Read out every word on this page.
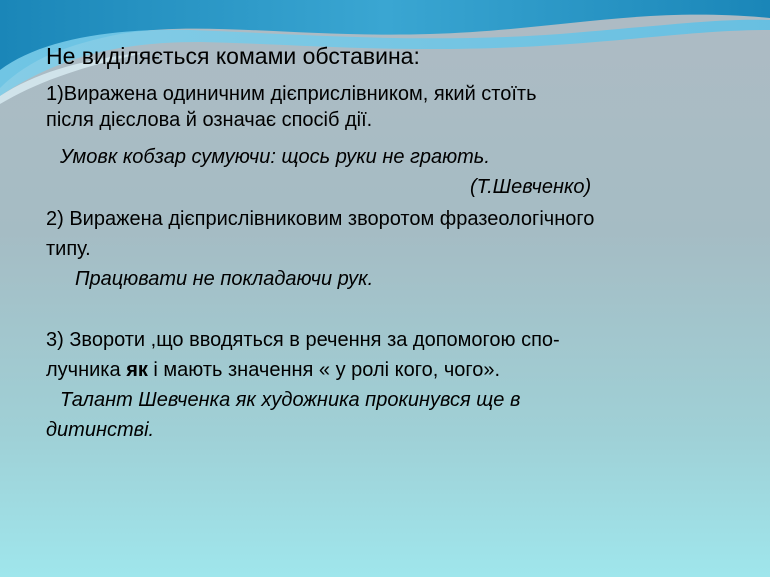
Не виділяється комами обставина:
1)Виражена одиничним дієприслівником, який стоїть
після дієслова й означає спосіб дії.
Умовк кобзар сумуючи: щось руки не грають.
(Т.Шевченко)
2) Виражена дієприслівниковим зворотом фразеологічного
типу.
Працювати не покладаючи рук.
3) Звороти ,що вводяться в речення за допомогою спо-
лучника як і мають значення « у ролі кого, чого».
Талант Шевченка як художника прокинувся ще в
дитинстві.
